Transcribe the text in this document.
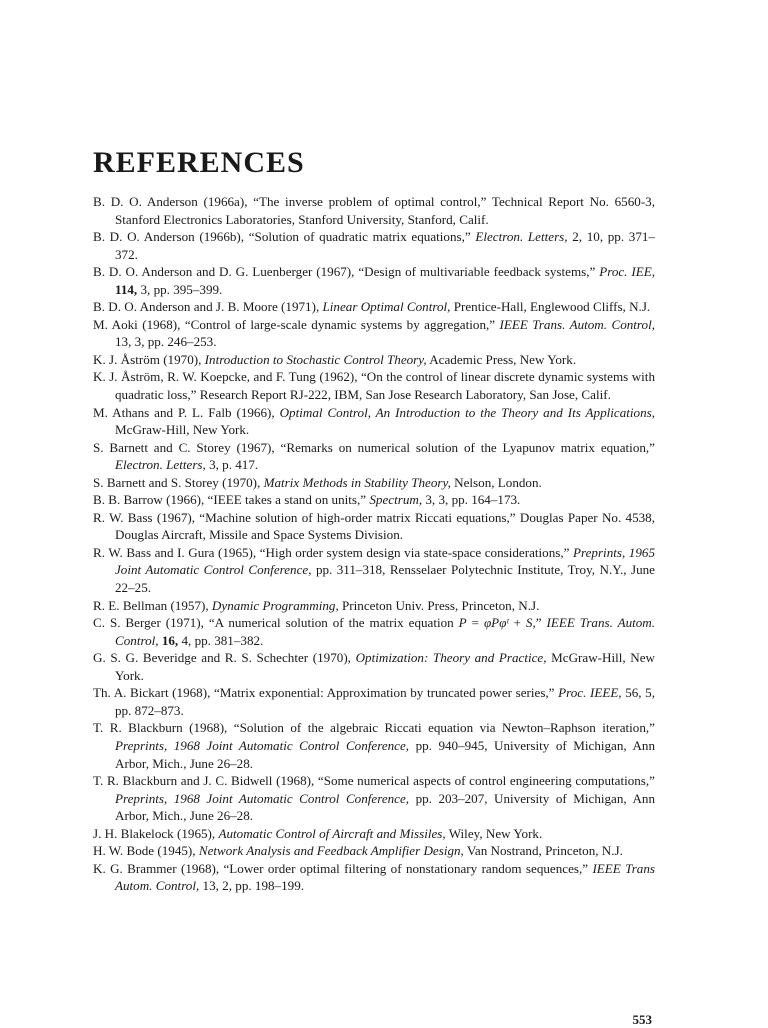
REFERENCES
B. D. O. Anderson (1966a), “The inverse problem of optimal control,” Technical Report No. 6560-3, Stanford Electronics Laboratories, Stanford University, Stanford, Calif.
B. D. O. Anderson (1966b), “Solution of quadratic matrix equations,” Electron. Letters, 2, 10, pp. 371–372.
B. D. O. Anderson and D. G. Luenberger (1967), “Design of multivariable feedback systems,” Proc. IEE, 114, 3, pp. 395–399.
B. D. O. Anderson and J. B. Moore (1971), Linear Optimal Control, Prentice-Hall, Englewood Cliffs, N.J.
M. Aoki (1968), “Control of large-scale dynamic systems by aggregation,” IEEE Trans. Autom. Control, 13, 3, pp. 246–253.
K. J. Åström (1970), Introduction to Stochastic Control Theory, Academic Press, New York.
K. J. Åström, R. W. Koepcke, and F. Tung (1962), “On the control of linear discrete dynamic systems with quadratic loss,” Research Report RJ-222, IBM, San Jose Research Laboratory, San Jose, Calif.
M. Athans and P. L. Falb (1966), Optimal Control, An Introduction to the Theory and Its Applications, McGraw-Hill, New York.
S. Barnett and C. Storey (1967), “Remarks on numerical solution of the Lyapunov matrix equation,” Electron. Letters, 3, p. 417.
S. Barnett and S. Storey (1970), Matrix Methods in Stability Theory, Nelson, London.
B. B. Barrow (1966), “IEEE takes a stand on units,” Spectrum, 3, 3, pp. 164–173.
R. W. Bass (1967), “Machine solution of high-order matrix Riccati equations,” Douglas Paper No. 4538, Douglas Aircraft, Missile and Space Systems Division.
R. W. Bass and I. Gura (1965), “High order system design via state-space considerations,” Preprints, 1965 Joint Automatic Control Conference, pp. 311–318, Rensselaer Polytechnic Institute, Troy, N.Y., June 22–25.
R. E. Bellman (1957), Dynamic Programming, Princeton Univ. Press, Princeton, N.J.
C. S. Berger (1971), “A numerical solution of the matrix equation P = φPφᵗ + S,” IEEE Trans. Autom. Control, 16, 4, pp. 381–382.
G. S. G. Beveridge and R. S. Schechter (1970), Optimization: Theory and Practice, McGraw-Hill, New York.
Th. A. Bickart (1968), “Matrix exponential: Approximation by truncated power series,” Proc. IEEE, 56, 5, pp. 872–873.
T. R. Blackburn (1968), “Solution of the algebraic Riccati equation via Newton–Raphson iteration,” Preprints, 1968 Joint Automatic Control Conference, pp. 940–945, University of Michigan, Ann Arbor, Mich., June 26–28.
T. R. Blackburn and J. C. Bidwell (1968), “Some numerical aspects of control engineering computations,” Preprints, 1968 Joint Automatic Control Conference, pp. 203–207, University of Michigan, Ann Arbor, Mich., June 26–28.
J. H. Blakelock (1965), Automatic Control of Aircraft and Missiles, Wiley, New York.
H. W. Bode (1945), Network Analysis and Feedback Amplifier Design, Van Nostrand, Princeton, N.J.
K. G. Brammer (1968), “Lower order optimal filtering of nonstationary random sequences,” IEEE Trans Autom. Control, 13, 2, pp. 198–199.
553
